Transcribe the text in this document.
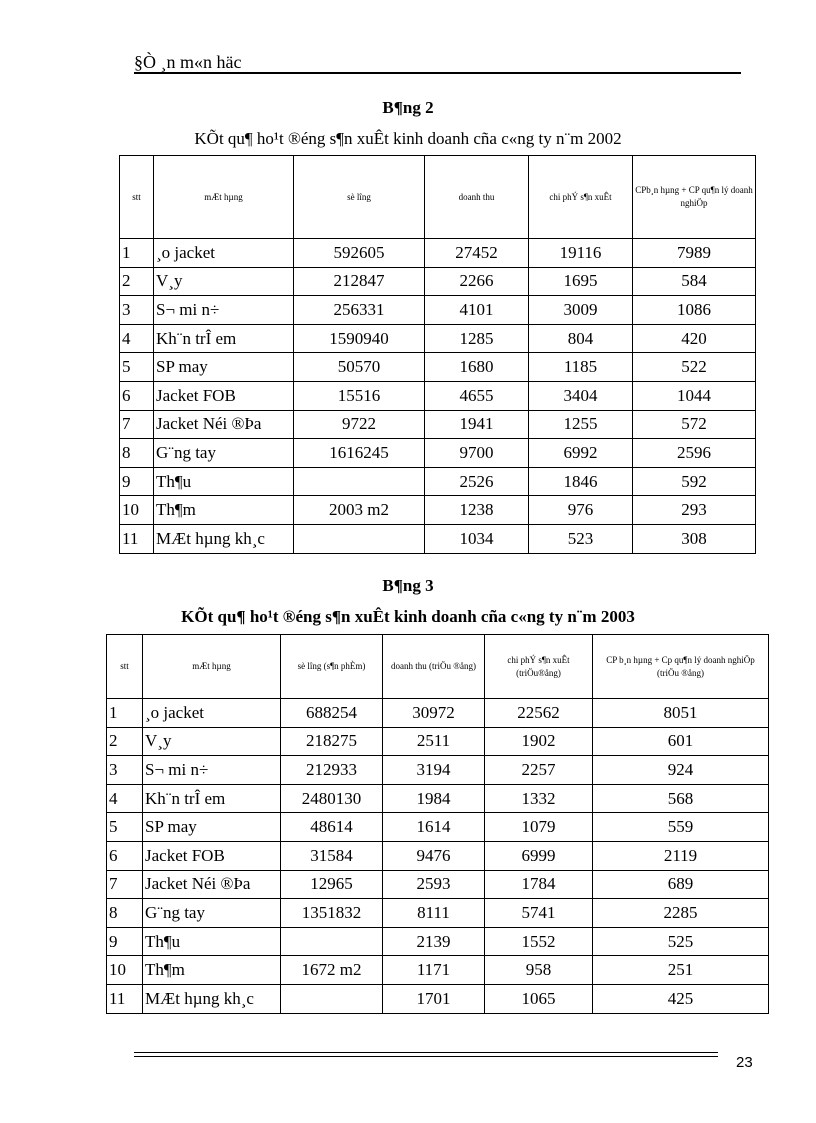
§Ò ¸n m«n häc
B¶ng 2
KÕt qu¶ ho¹t ®éng s¶n xuÊt kinh doanh cña c«ng ty n¨m 2002
stt	mÆt hµng	sè lîng	doanh thu	chi phÝ s¶n xuÊt	CPb¸n hµng + CP qu¶n lý doanh nghiÖp
1	¸o jacket	592605	27452	19116	7989
2	V¸y	212847	2266	1695	584
3	S¬ mi n÷	256331	4101	3009	1086
4	Kh¨n trÎ em	1590940	1285	804	420
5	SP may	50570	1680	1185	522
6	Jacket FOB	15516	4655	3404	1044
7	Jacket Néi ®Þa	9722	1941	1255	572
8	G¨ng tay	1616245	9700	6992	2596
9	Th¶u		2526	1846	592
10	Th¶m	2003 m2	1238	976	293
11	MÆt hµng kh¸c		1034	523	308
B¶ng 3
KÕt qu¶ ho¹t ®éng s¶n xuÊt kinh doanh cña c«ng ty n¨m 2003
stt	mÆt hµng	sè lîng (s¶n phÈm)	doanh thu (triÖu ®ång)	chi phÝ s¶n xuÊt (triÖu®ång)	CP b¸n hµng + Cp qu¶n lý doanh nghiÖp (triÖu ®ång)
1	¸o jacket	688254	30972	22562	8051
2	V¸y	218275	2511	1902	601
3	S¬ mi n÷	212933	3194	2257	924
4	Kh¨n trÎ em	2480130	1984	1332	568
5	SP may	48614	1614	1079	559
6	Jacket FOB	31584	9476	6999	2119
7	Jacket Néi ®Þa	12965	2593	1784	689
8	G¨ng tay	1351832	8111	5741	2285
9	Th¶u		2139	1552	525
10	Th¶m	1672 m2	1171	958	251
11	MÆt hµng kh¸c		1701	1065	425
23
